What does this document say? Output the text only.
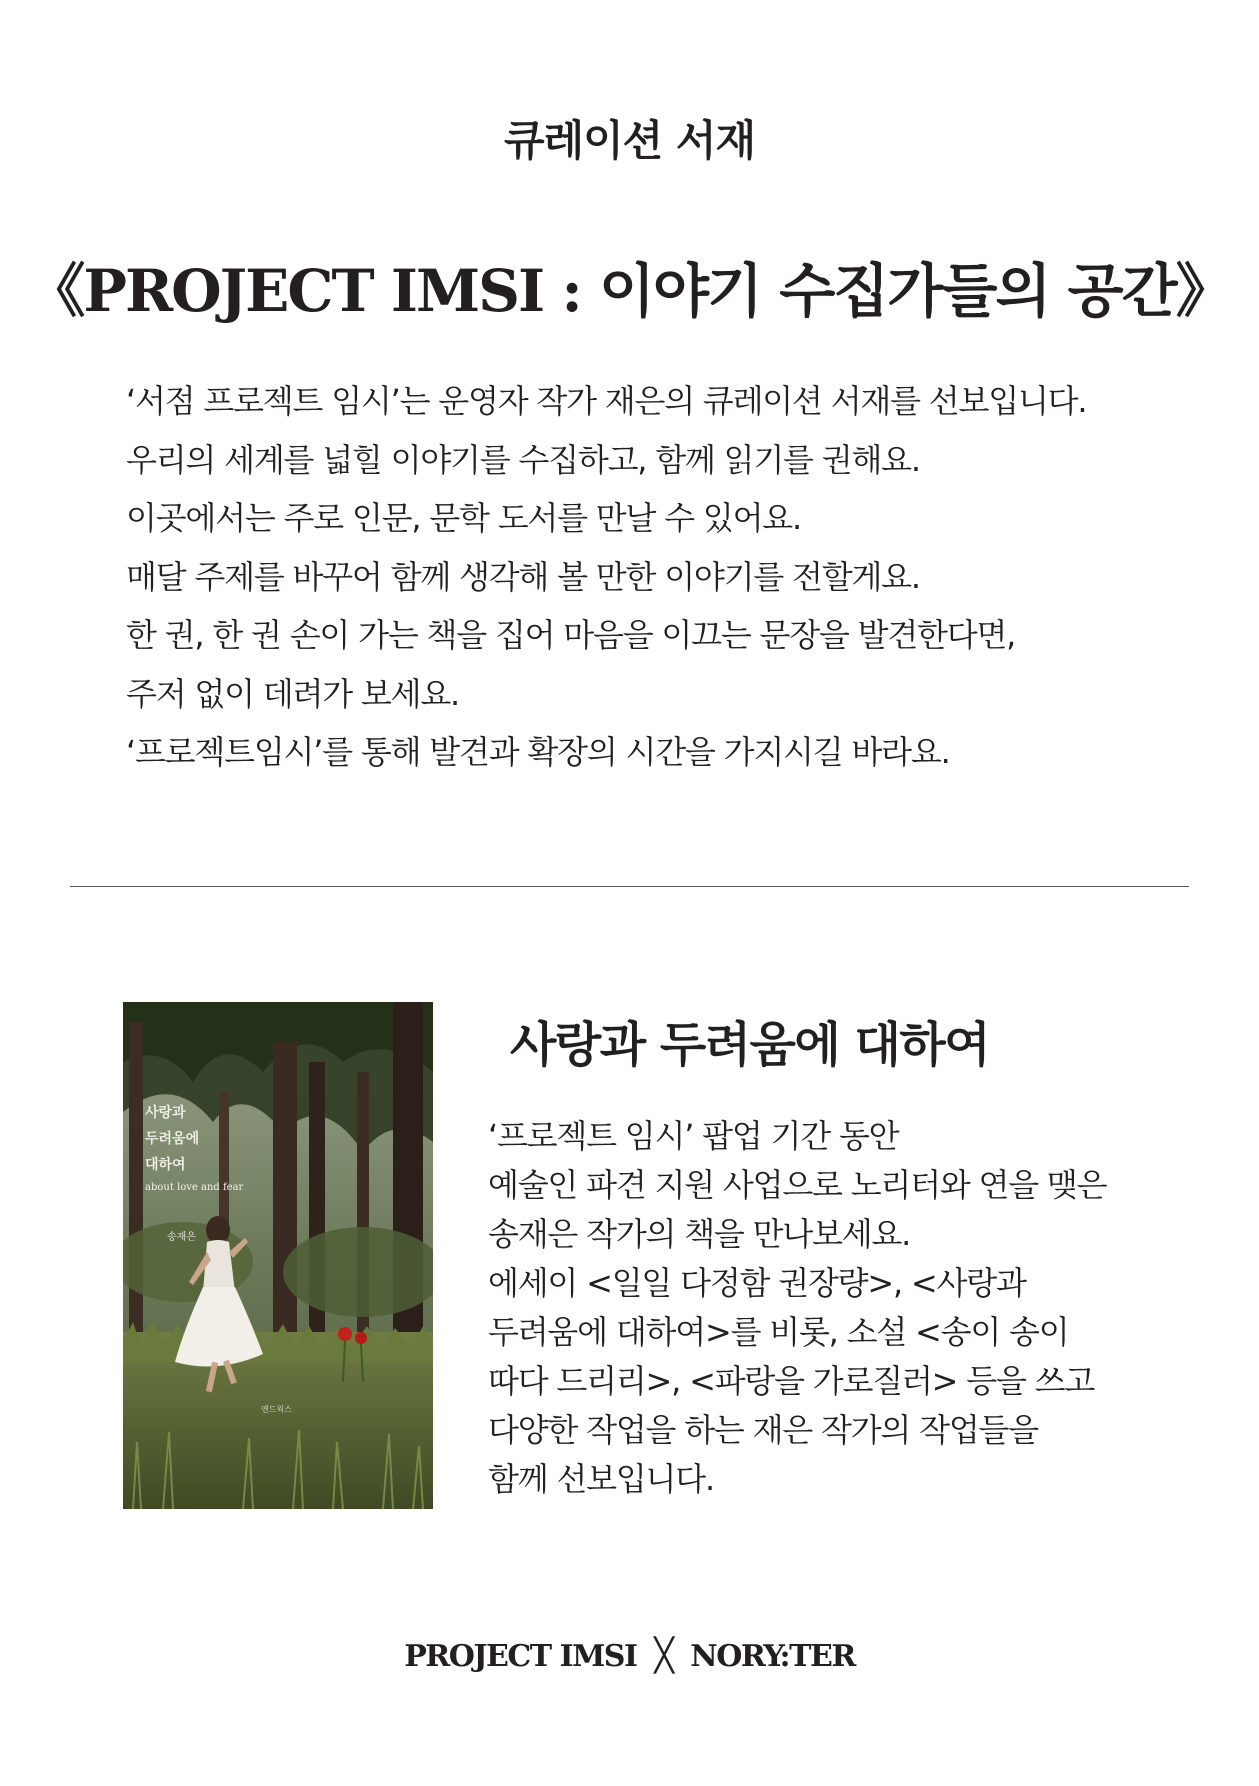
큐레이션 서재
《PROJECT IMSI : 이야기 수집가들의 공간》

‘서점 프로젝트 임시’는 운영자 작가 재은의 큐레이션 서재를 선보입니다.

우리의 세계를 넓힐 이야기를 수집하고, 함께 읽기를 권해요.

이곳에서는 주로 인문, 문학 도서를 만날 수 있어요.

매달 주제를 바꾸어 함께 생각해 볼 만한 이야기를 전할게요.

한 권, 한 권 손이 가는 책을 집어 마음을 이끄는 문장을 발견한다면,

주저 없이 데려가 보세요.

‘프로젝트임시’를 통해 발견과 확장의 시간을 가지시길 바라요.

사랑과
두려움에
대하여
about love and fear
송재은
앤드웍스
사랑과 두려움에 대하여

‘프로젝트 임시’ 팝업 기간 동안

예술인 파견 지원 사업으로 노리터와 연을 맺은

송재은 작가의 책을 만나보세요.

에세이 <일일 다정함 권장량>, <사랑과

두려움에 대하여>를 비롯, 소설 <송이 송이

따다 드리리>, <파랑을 가로질러> 등을 쓰고

다양한 작업을 하는 재은 작가의 작업들을

함께 선보입니다.

PROJECT IMSI ╳ NORY:TER
